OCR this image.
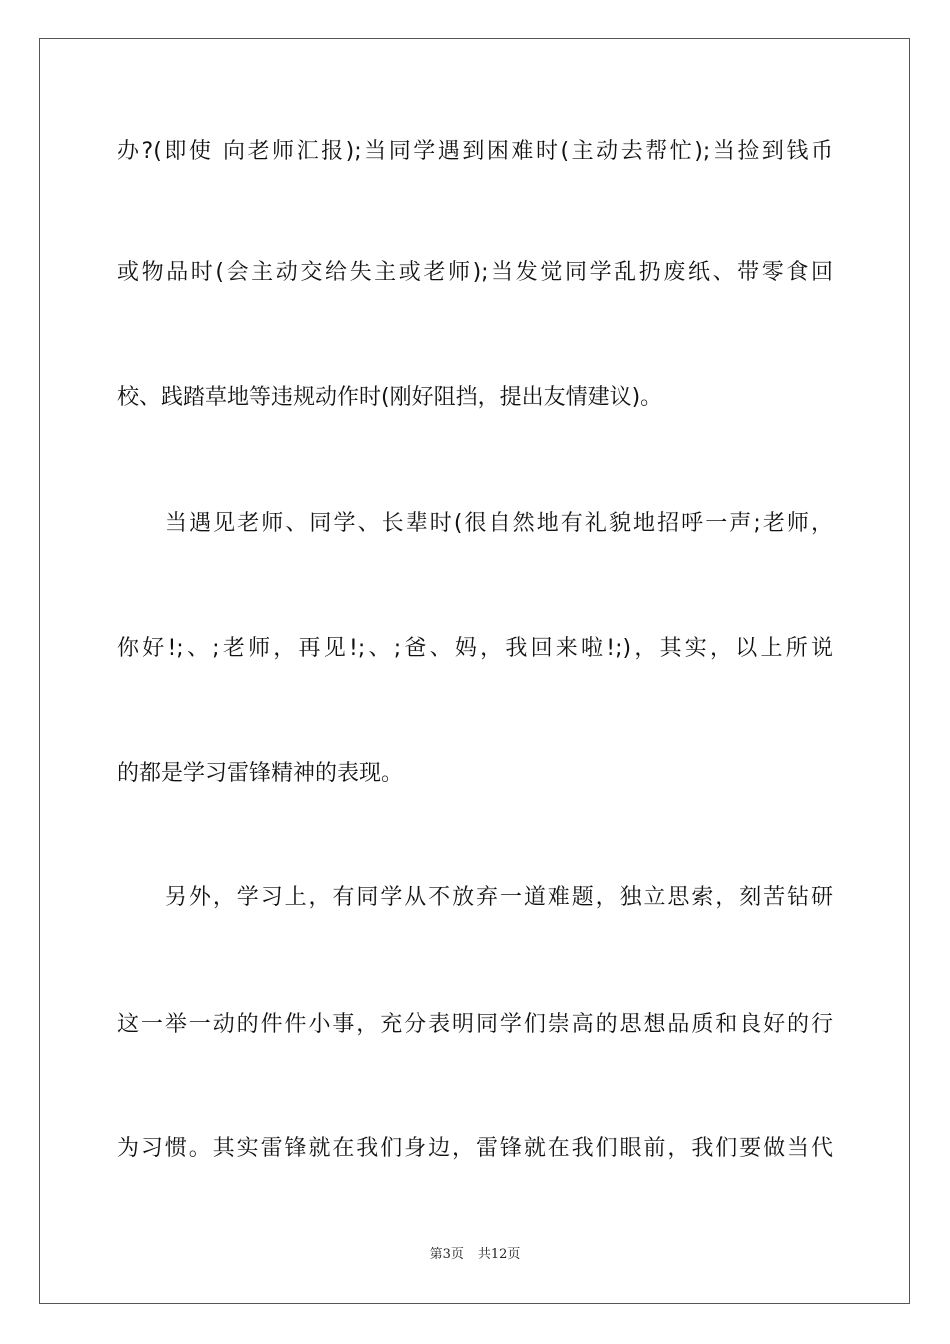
办?(即使 向老师汇报);当同学遇到困难时(主动去帮忙);当捡到钱币
或物品时(会主动交给失主或老师);当发觉同学乱扔废纸、带零食回
校、践踏草地等违规动作时(刚好阻挡，提出友情建议)。
当遇见老师、同学、长辈时(很自然地有礼貌地招呼一声;老师，
你好!;、;老师，再见!;、;爸、妈，我回来啦!;)，其实，以上所说
的都是学习雷锋精神的表现。
另外，学习上，有同学从不放弃一道难题，独立思索，刻苦钻研
这一举一动的件件小事，充分表明同学们崇高的思想品质和良好的行
为习惯。其实雷锋就在我们身边，雷锋就在我们眼前，我们要做当代
第3页 共12页
